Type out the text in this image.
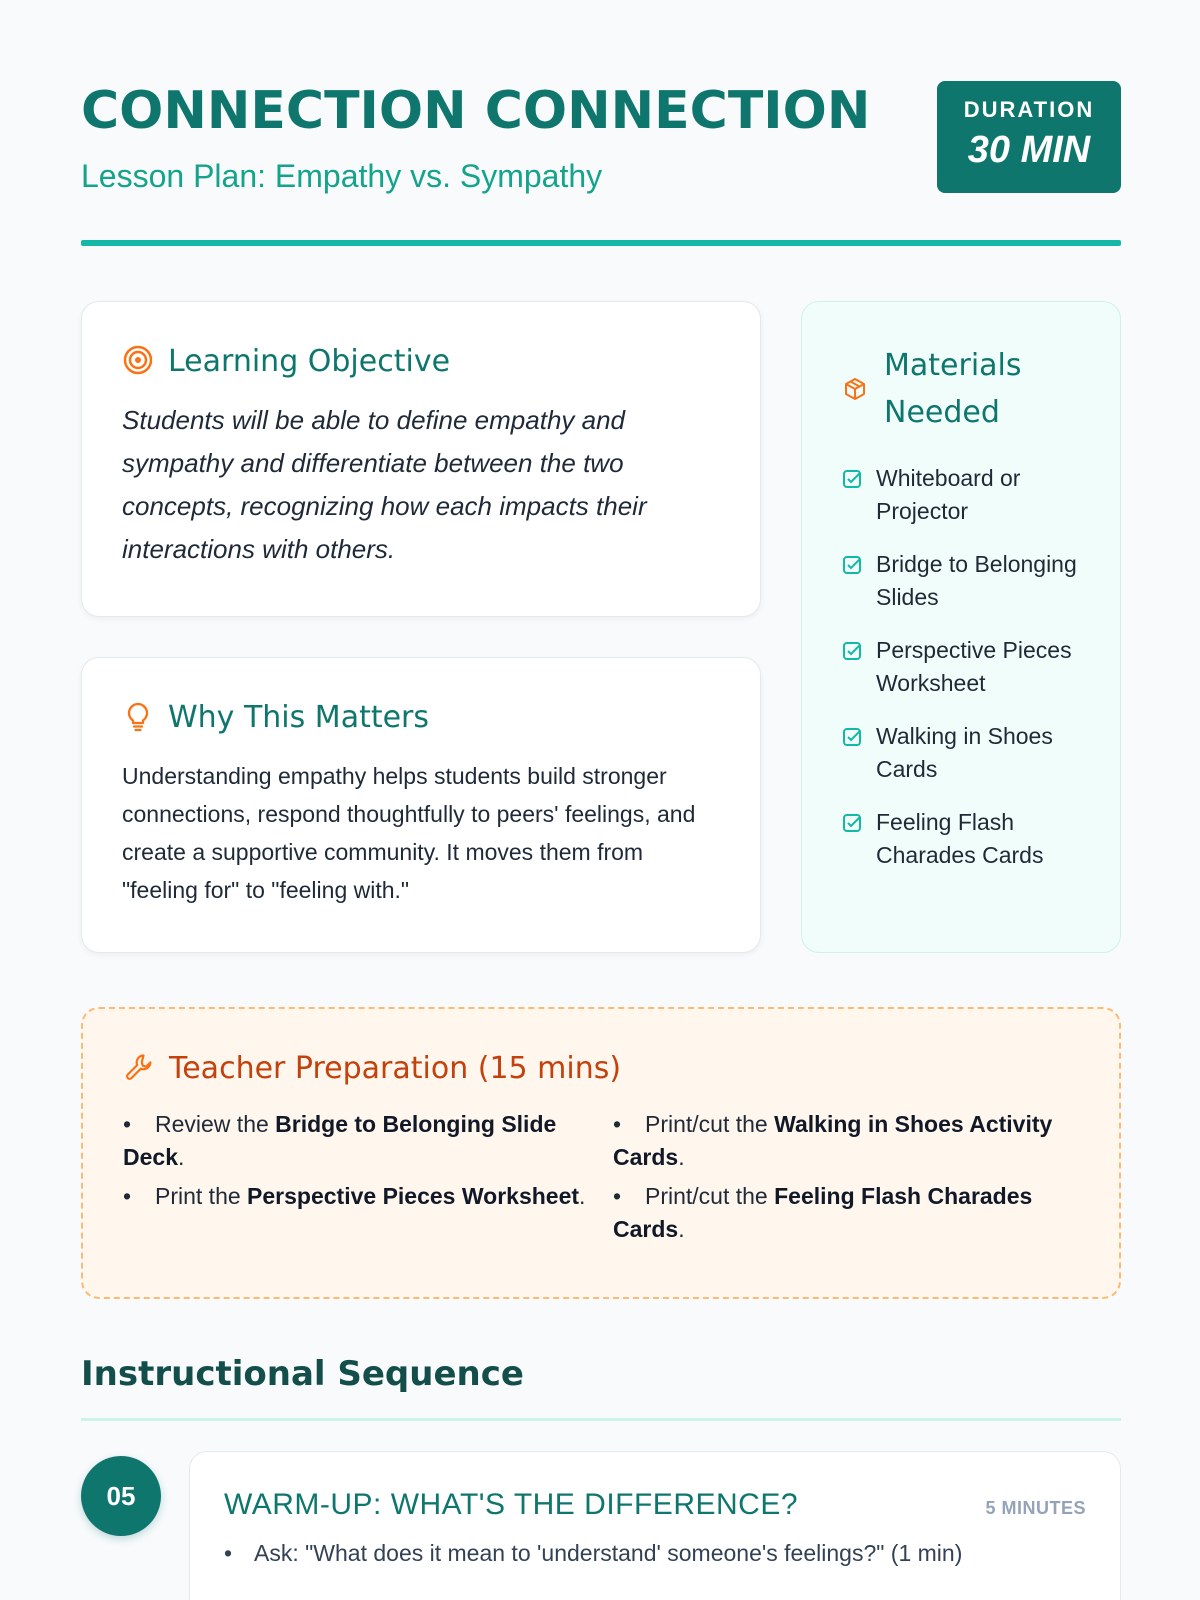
CONNECTION CONNECTION
Lesson Plan: Empathy vs. Sympathy
DURATION
30 MIN
Learning Objective

Students will be able to define empathy and sympathy and differentiate between the two concepts, recognizing how each impacts their interactions with others.

Why This Matters

Understanding empathy helps students build stronger connections, respond thoughtfully to peers' feelings, and create a supportive community. It moves them from "feeling for" to "feeling with."

Materials Needed
Whiteboard or Projector
Bridge to Belonging Slides
Perspective Pieces Worksheet
Walking in Shoes Cards
Feeling Flash Charades Cards
Teacher Preparation (15 mins)
• Review the Bridge to Belonging Slide Deck.
• Print/cut the Walking in Shoes Activity Cards.
• Print the Perspective Pieces Worksheet.
•	Print/cut the Feeling Flash Charades Cards.
Instructional Sequence
05	WARM-UP: WHAT'S THE DIFFERENCE?	5 MINUTES
• Ask: "What does it mean to 'understand' someone's feelings?" (1 min)
